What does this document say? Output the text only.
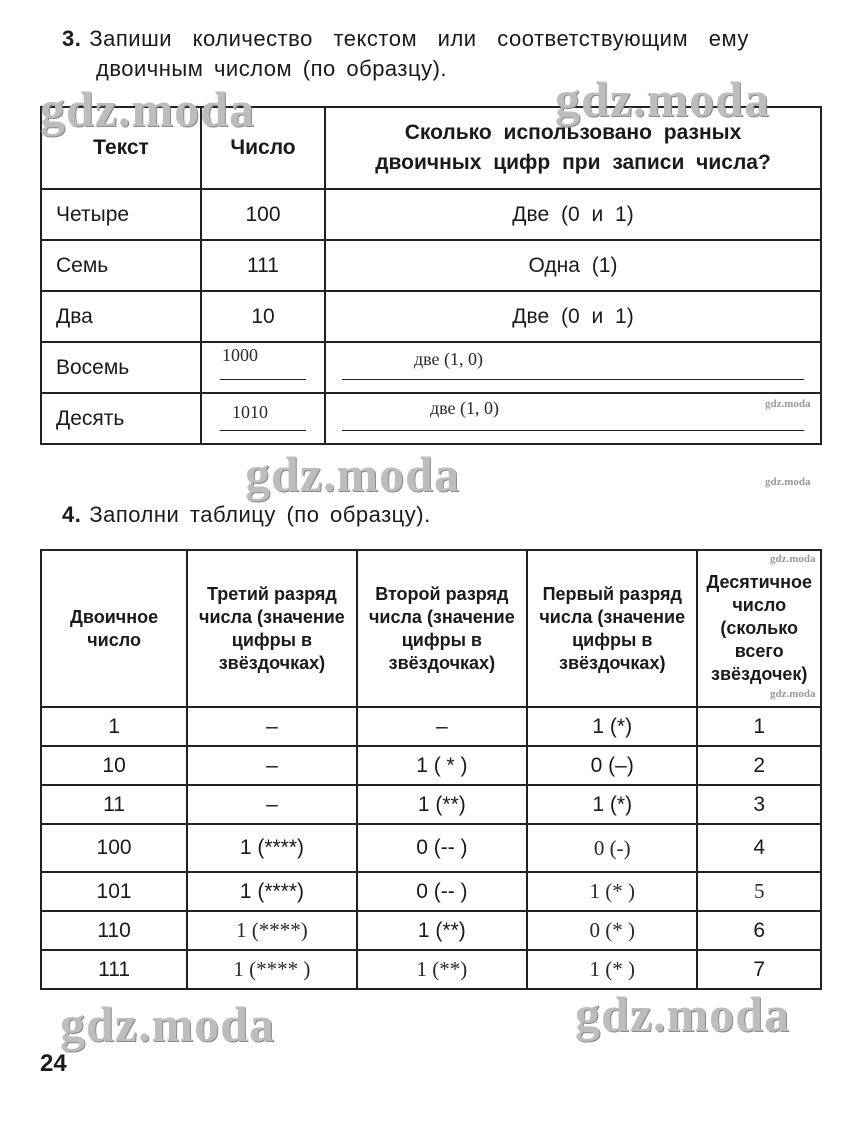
3. Запиши количество текстом или соответствующим ему
двоичным числом (по образцу).
Текст	Число	Сколько использовано разных двоичных цифр при записи числа?
Четыре	100	Две (0 и 1)
Семь	111	Одна (1)
Два	10	Две (0 и 1)
Восемь	1000	две (1, 0)

Десять	1010	две (1, 0)
4. Заполни таблицу (по образцу).
Двоичное число	Третий разряд числа (значение цифры в звёздочках)	Второй разряд числа (значение цифры в звёздочках)	Первый разряд числа (значение цифры в звёздочках)	Десятичное число (сколько всего звёздочек)
1	–	–	1 (*)	1
10	–	1 ( * )	0 (–)	2
11	–	1 (**)	1 (*)	3
100	1 (****)	0 (-- )	0 (-)	4
101	1 (****)	0 (-- )	1 (* )	5
110	1 (****)	1 (**)	0 (* )	6
111	1 (**** )	1 (**)	1 (* )	7
24
gdz.moda	gdz.moda
gdz.moda
gdz.moda	gdz.moda
gdz.moda
gdz.moda
gdz.moda
gdz.moda
